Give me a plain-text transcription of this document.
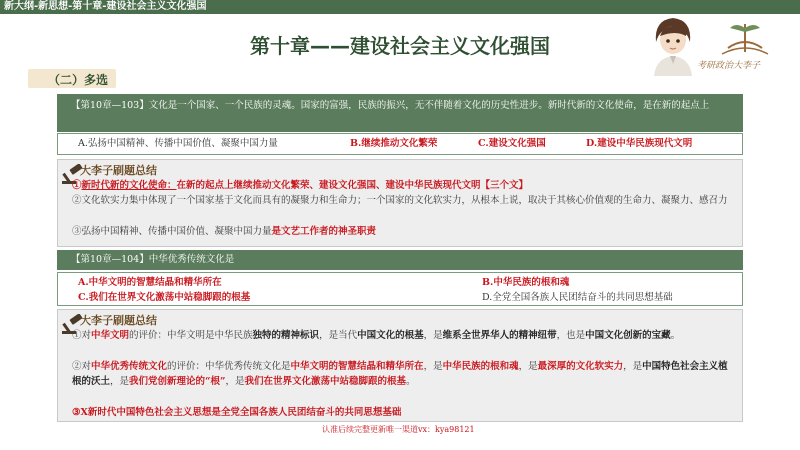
新大纲-新思想-第十章-建设社会主义文化强国
第十章——建设社会主义文化强国
考研政治大李子
（二）多选
【第10章—103】文化是一个国家、一个民族的灵魂。国家的富强，民族的振兴，无不伴随着文化的历史性进步。新时代新的文化使命，是在新的起点上
A.弘扬中国精神、传播中国价值、凝聚中国力量	B.继续推动文化繁荣	C.建设文化强国	D.建设中华民族现代文明
大李子刷题总结
①新时代新的文化使命：在新的起点上继续推动文化繁荣、建设文化强国、建设中华民族现代文明【三个文】
②文化软实力集中体现了一个国家基于文化而具有的凝聚力和生命力；一个国家的文化软实力，从根本上说，取决于其核心价值观的生命力、凝聚力、感召力
③弘扬中国精神、传播中国价值、凝聚中国力量是文艺工作者的神圣职责
【第10章—104】中华优秀传统文化是
A.中华文明的智慧结晶和精华所在	B.中华民族的根和魂
C.我们在世界文化激荡中站稳脚跟的根基	D.全党全国各族人民团结奋斗的共同思想基础
大李子刷题总结
①对中华文明的评价：中华文明是中华民族独特的精神标识，是当代中国文化的根基，是维系全世界华人的精神纽带，也是中国文化创新的宝藏。
②对中华优秀传统文化的评价：中华优秀传统文化是中华文明的智慧结晶和精华所在，是中华民族的根和魂，是最深厚的文化软实力，是中国特色社会主义植根的沃土，是我们党创新理论的“根”，是我们在世界文化激荡中站稳脚跟的根基。
③X新时代中国特色社会主义思想是全党全国各族人民团结奋斗的共同思想基础
认准后续完整更新唯一渠道vx：kya98121
